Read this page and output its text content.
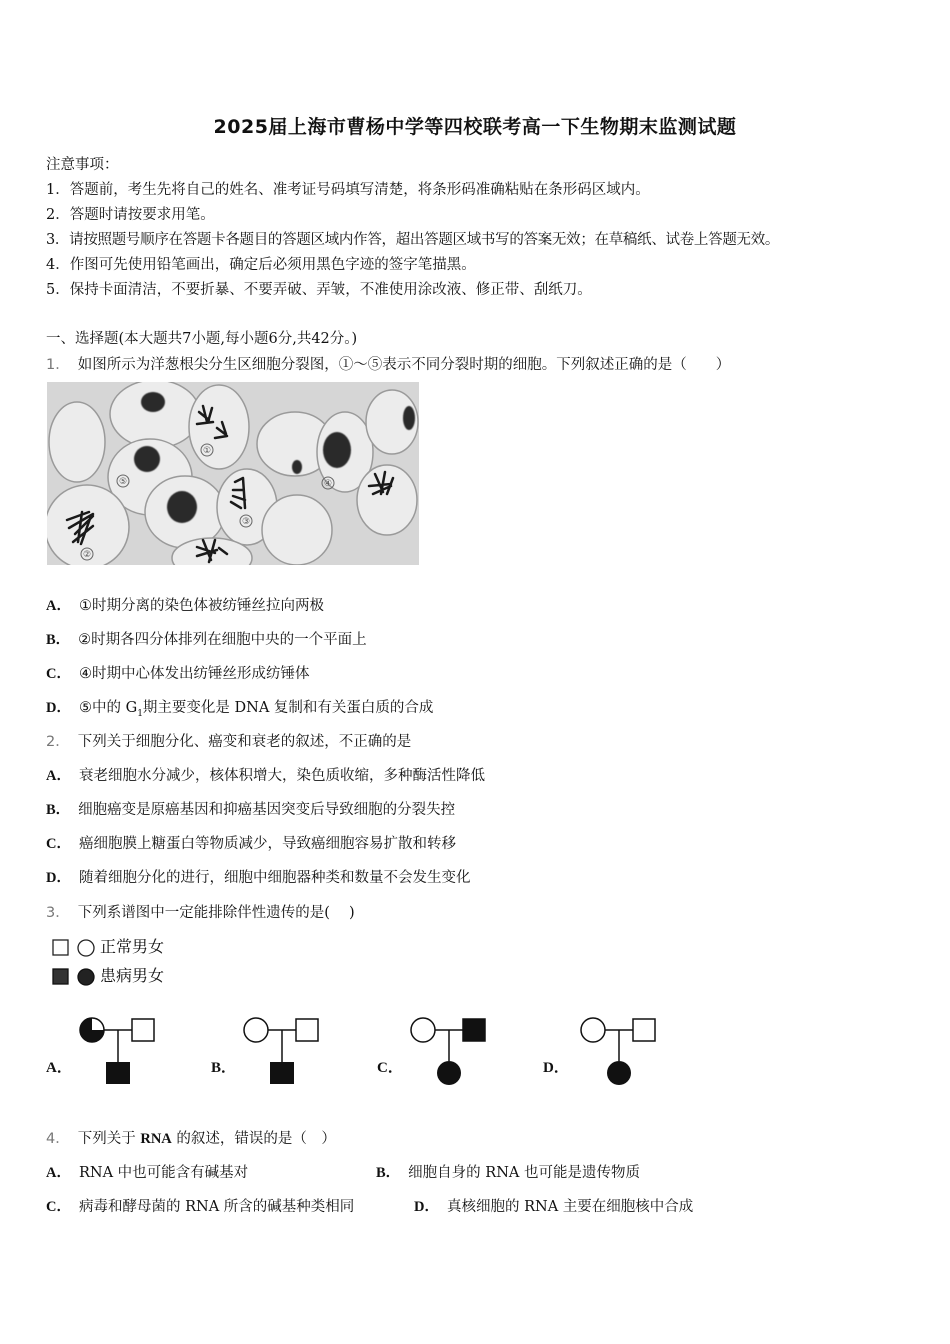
2025届上海市曹杨中学等四校联考高一下生物期末监测试题
注意事项：
1．答题前，考生先将自己的姓名、准考证号码填写清楚，将条形码准确粘贴在条形码区域内。
2．答题时请按要求用笔。
3．请按照题号顺序在答题卡各题目的答题区域内作答，超出答题区域书写的答案无效；在草稿纸、试卷上答题无效。
4．作图可先使用铅笔画出，确定后必须用黑色字迹的签字笔描黑。
5．保持卡面清洁，不要折暴、不要弄破、弄皱，不准使用涂改液、修正带、刮纸刀。
一、选择题(本大题共7小题,每小题6分,共42分。)
1． 如图所示为洋葱根尖分生区细胞分裂图，①～⑤表示不同分裂时期的细胞。下列叙述正确的是（　　）
①
②
③
④
⑤
A． ①时期分离的染色体被纺锤丝拉向两极
B． ②时期各四分体排列在细胞中央的一个平面上
C． ④时期中心体发出纺锤丝形成纺锤体
D． ⑤中的 $G_1$期主要变化是 DNA 复制和有关蛋白质的合成
2． 下列关于细胞分化、癌变和衰老的叙述，不正确的是
A． 衰老细胞水分减少，核体积增大，染色质收缩，多种酶活性降低
B． 细胞癌变是原癌基因和抑癌基因突变后导致细胞的分裂失控
C． 癌细胞膜上糖蛋白等物质减少，导致癌细胞容易扩散和转移
D． 随着细胞分化的进行，细胞中细胞器种类和数量不会发生变化
3． 下列系谱图中一定能排除伴性遗传的是(　 )
正常男女
患病男女
A．	B．	C．	D．
4． 下列关于 RNA 的叙述，错误的是（　）
A． RNA 中也可能含有碱基对	B． 细胞自身的 RNA 也可能是遗传物质
C． 病毒和酵母菌的 RNA 所含的碱基种类相同	D． 真核细胞的 RNA 主要在细胞核中合成
